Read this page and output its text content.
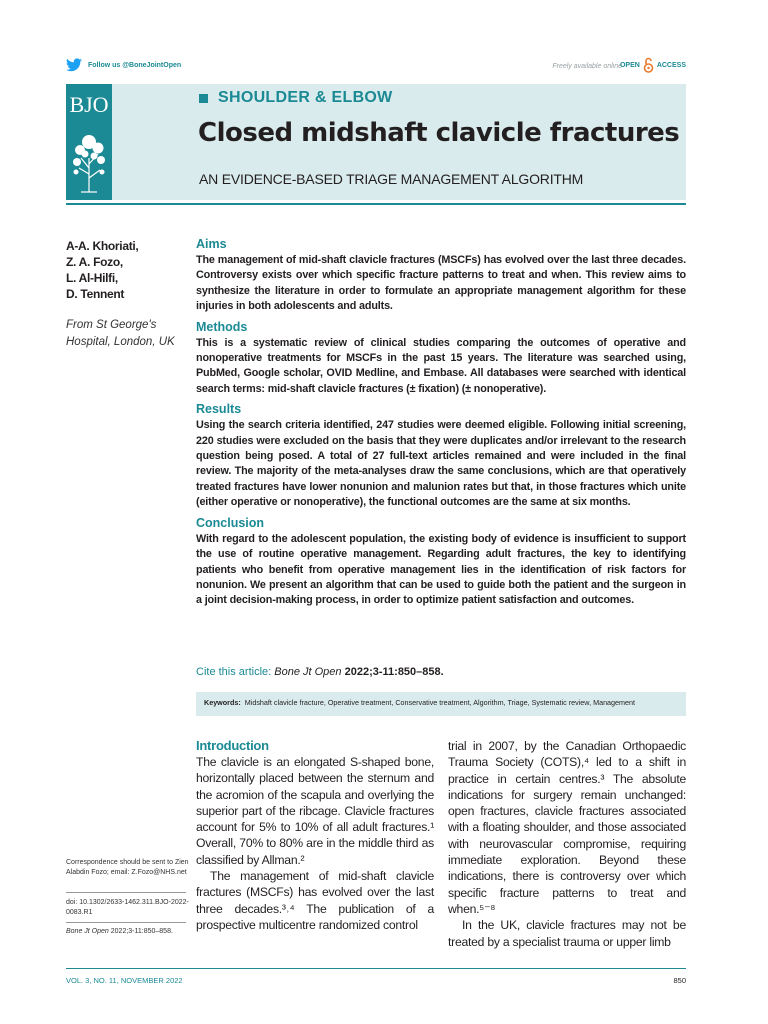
Follow us @BoneJointOpen	Freely available online
OPEN ACCESS
BJO	SHOULDER & ELBOW
Closed midshaft clavicle fractures
AN EVIDENCE-BASED TRIAGE MANAGEMENT ALGORITHM
A-A. Khoriati,
Z. A. Fozo,
L. Al-Hilfi,
D. Tennent
From St George's Hospital, London, UK
Aims

The management of mid-shaft clavicle fractures (MSCFs) has evolved over the last three decades. Controversy exists over which specific fracture patterns to treat and when. This review aims to synthesize the literature in order to formulate an appropriate management algorithm for these injuries in both adolescents and adults.

Methods

This is a systematic review of clinical studies comparing the outcomes of operative and nonoperative treatments for MSCFs in the past 15 years. The literature was searched using, PubMed, Google scholar, OVID Medline, and Embase. All databases were searched with identical search terms: mid-shaft clavicle fractures (± fixation) (± nonoperative).

Results

Using the search criteria identified, 247 studies were deemed eligible. Following initial screening, 220 studies were excluded on the basis that they were duplicates and/or irrelevant to the research question being posed. A total of 27 full-text articles remained and were included in the final review. The majority of the meta-analyses draw the same conclusions, which are that operatively treated fractures have lower nonunion and malunion rates but that, in those fractures which unite (either operative or nonoperative), the functional outcomes are the same at six months.

Conclusion

With regard to the adolescent population, the existing body of evidence is insufficient to support the use of routine operative management. Regarding adult fractures, the key to identifying patients who benefit from operative management lies in the identification of risk factors for nonunion. We present an algorithm that can be used to guide both the patient and the surgeon in a joint decision-making process, in order to optimize patient satisfaction and outcomes.

Cite this article: Bone Jt Open 2022;3-11:850–858.
Keywords: Midshaft clavicle fracture, Operative treatment, Conservative treatment, Algorithm, Triage, Systematic review, Management
Correspondence should be sent to Zien Alabdin Fozo; email: Z.Fozo@NHS.net
doi: 10.1302/2633-1462.311.BJO-2022-0083.R1
Bone Jt Open 2022;3-11:850–858.
Introduction

The clavicle is an elongated S-shaped bone, horizontally placed between the sternum and the acromion of the scapula and overlying the superior part of the ribcage. Clavicle fractures account for 5% to 10% of all adult fractures.¹ Overall, 70% to 80% are in the middle third as classified by Allman.²

The management of mid-shaft clavicle fractures (MSCFs) has evolved over the last three decades.³˒⁴ The publication of a prospective multicentre randomized control

trial in 2007, by the Canadian Orthopaedic Trauma Society (COTS),⁴ led to a shift in practice in certain centres.³ The absolute indications for surgery remain unchanged: open fractures, clavicle fractures associated with a floating shoulder, and those associated with neurovascular compromise, requiring immediate exploration. Beyond these indications, there is controversy over which specific fracture patterns to treat and when.⁵⁻⁸

In the UK, clavicle fractures may not be treated by a specialist trauma or upper limb

VOL. 3, NO. 11, NOVEMBER 2022	850
